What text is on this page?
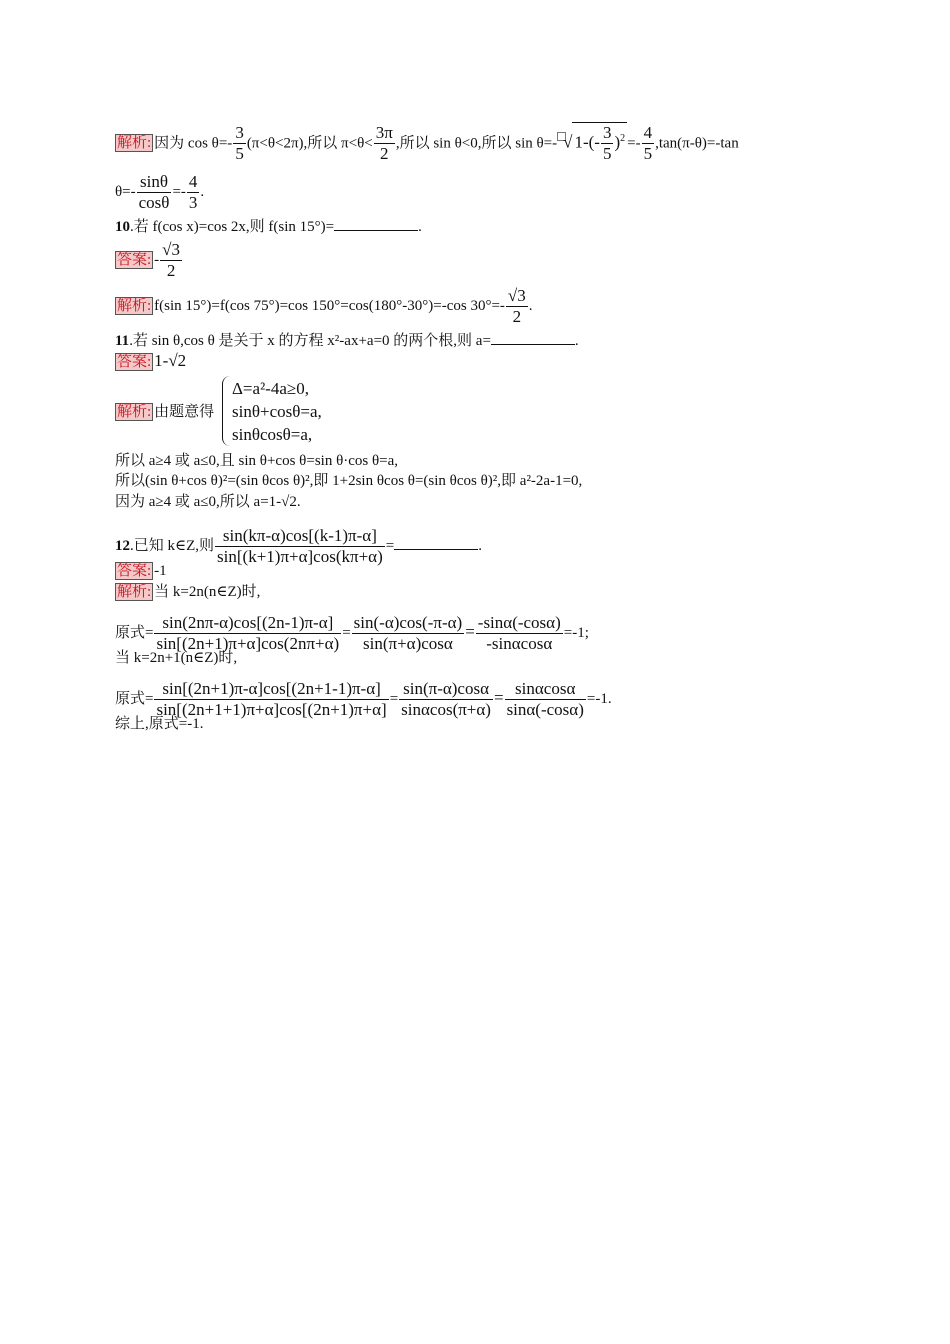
解析: 因为 $\cos \theta=- \frac{3}{5} (\pi<\theta<2\pi)$,所以 $\pi<\theta< \frac{3\pi}{2}$ ,所以 sin θ<0,所以 sin θ=- √ $1-(- \frac{3}{5} )^2 =- \frac{4}{5} ,\tan(\pi-\theta)=-\tan$
$\theta=- \frac{\sin\theta}{\cos\theta} =- \frac{4}{3}$ .
10.若 f(cos x)=cos 2x,则 f(sin 15°)=	.
答案: - $\frac{√3}{2}$
解析: f(sin 15°)=f(cos 75°)=cos 150°=cos(180°-30°)=-cos $30^\circ=- \frac{√3}{2}$ .
11.若 sin θ,cos θ 是关于 x 的方程 x²-ax+a=0 的两个根,则 a=	.
答案: 1-√2
解析: 由题意得
Δ=a²-4a≥0,
sinθ+cosθ=a,
sinθcosθ=a,
所以 a≥4 或 a≤0,且 sin θ+cos θ=sin θ·cos θ=a,
所以(sin θ+cos θ)²=(sin θcos θ)²,即 1+2sin θcos θ=(sin θcos θ)²,即 a²-2a-1=0,
因为 a≥4 或 a≤0,所以 a=1-√2.
12.已知 k∈Z,则 $\frac{\sin(k\pi-\alpha)\cos[(k-1)\pi-\alpha]}{\sin[(k+1)\pi+\alpha]\cos(k\pi+\alpha)}$ =	.
答案: -1
解析: 当 k=2n(n∈Z)时,
原式= $\frac{\sin(2n\pi-\alpha)\cos[(2n-1)\pi-\alpha]}{\sin[(2n+1)\pi+\alpha]\cos(2n\pi+\alpha)} = \frac{\sin(-\alpha)\cos(-\pi-\alpha)}{\sin(\pi+\alpha)\cos\alpha} = \frac{-\sin\alpha(-\cos\alpha)}{-\sin\alpha\cos\alpha} =-1$;
当 k=2n+1(n∈Z)时,
原式= $\frac{\sin[(2n+1)\pi-\alpha]\cos[(2n+1-1)\pi-\alpha]}{\sin[(2n+1+1)\pi+\alpha]\cos[(2n+1)\pi+\alpha]} = \frac{\sin(\pi-\alpha)\cos\alpha}{\sin\alpha\cos(\pi+\alpha)} = \frac{\sin\alpha\cos\alpha}{\sin\alpha(-\cos\alpha)} =-1$.
综上,原式=-1.
